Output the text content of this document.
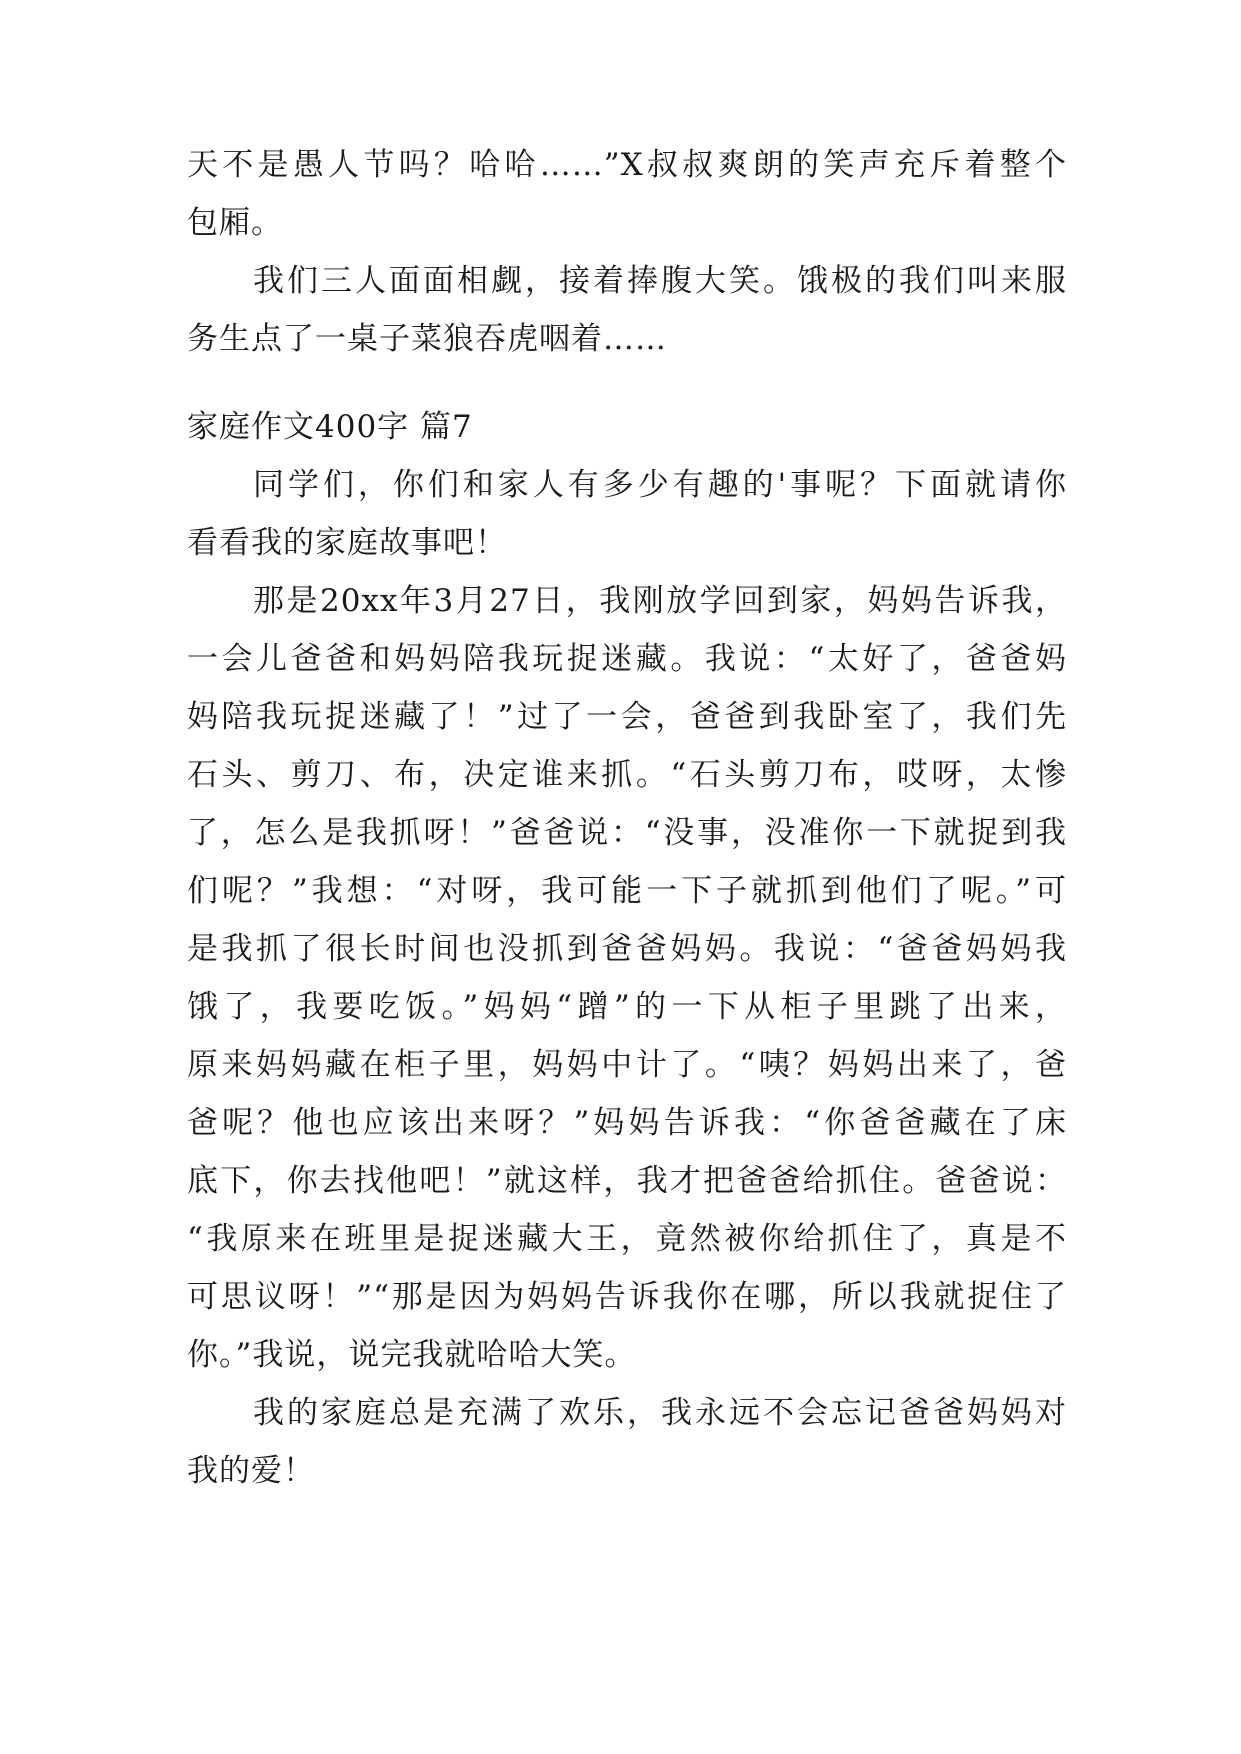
天不是愚人节吗？哈哈……”X叔叔爽朗的笑声充斥着整个
包厢。
我们三人面面相觑，接着捧腹大笑。饿极的我们叫来服
务生点了一桌子菜狼吞虎咽着……
家庭作文400字 篇7
同学们，你们和家人有多少有趣的'事呢？下面就请你
看看我的家庭故事吧！
那是20xx年3月27日，我刚放学回到家，妈妈告诉我，
一会儿爸爸和妈妈陪我玩捉迷藏。我说：“太好了，爸爸妈
妈陪我玩捉迷藏了！”过了一会，爸爸到我卧室了，我们先
石头、剪刀、布，决定谁来抓。“石头剪刀布，哎呀，太惨
了，怎么是我抓呀！”爸爸说：“没事，没准你一下就捉到我
们呢？”我想：“对呀，我可能一下子就抓到他们了呢。”可
是我抓了很长时间也没抓到爸爸妈妈。我说：“爸爸妈妈我
饿了，我要吃饭。”妈妈“蹭”的一下从柜子里跳了出来，
原来妈妈藏在柜子里，妈妈中计了。“咦？妈妈出来了，爸
爸呢？他也应该出来呀？”妈妈告诉我：“你爸爸藏在了床
底下，你去找他吧！”就这样，我才把爸爸给抓住。爸爸说：
“我原来在班里是捉迷藏大王，竟然被你给抓住了，真是不
可思议呀！”“那是因为妈妈告诉我你在哪，所以我就捉住了
你。”我说，说完我就哈哈大笑。
我的家庭总是充满了欢乐，我永远不会忘记爸爸妈妈对
我的爱！
